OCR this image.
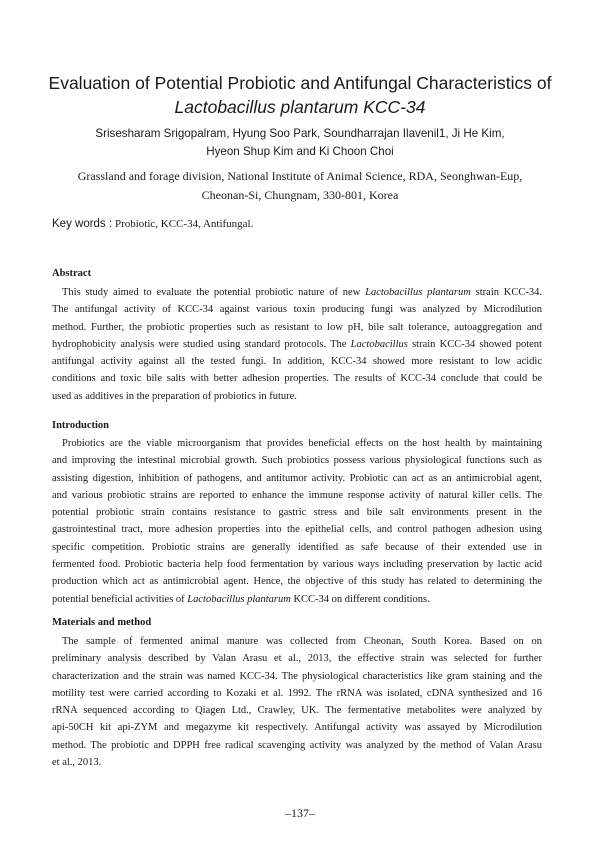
Evaluation of Potential Probiotic and Antifungal Characteristics of
Lactobacillus plantarum KCC-34
Srisesharam Srigopalram, Hyung Soo Park, Soundharrajan Ilavenil1, Ji He Kim,
Hyeon Shup Kim and Ki Choon Choi
Grassland and forage division, National Institute of Animal Science, RDA, Seonghwan-Eup,
Cheonan-Si, Chungnam, 330-801, Korea
Key words : Probiotic, KCC-34, Antifungal.
Abstract
This study aimed to evaluate the potential probiotic nature of new Lactobacillus plantarum strain KCC-34.
The antifungal activity of KCC-34 against various toxin producing fungi was analyzed by Microdilution
method. Further, the probiotic properties such as resistant to low pH, bile salt tolerance, autoaggregation and
hydrophobicity analysis were studied using standard protocols. The Lactobacillus strain KCC-34 showed potent
antifungal activity against all the tested fungi. In addition, KCC-34 showed more resistant to low acidic
conditions and toxic bile salts with better adhesion properties. The results of KCC-34 conclude that could be
used as additives in the preparation of probiotics in future.
Introduction
Probiotics are the viable microorganism that provides beneficial effects on the host health by maintaining
and improving the intestinal microbial growth. Such probiotics possess various physiological functions such as
assisting digestion, inhibition of pathogens, and antitumor activity. Probiotic can act as an antimicrobial agent,
and various probiotic strains are reported to enhance the immune response activity of natural killer cells. The
potential probiotic strain contains resistance to gastric stress and bile salt environments present in the
gastrointestinal tract, more adhesion properties into the epithelial cells, and control pathogen adhesion using
specific competition. Probiotic strains are generally identified as safe because of their extended use in
fermented food. Probiotic bacteria help food fermentation by various ways including preservation by lactic acid
production which act as antimicrobial agent. Hence, the objective of this study has related to determining the
potential beneficial activities of Lactobacillus plantarum KCC-34 on different conditions.
Materials and method
The sample of fermented animal manure was collected from Cheonan, South Korea. Based on on
preliminary analysis described by Valan Arasu et al., 2013, the effective strain was selected for further
characterization and the strain was named KCC-34. The physiological characteristics like gram staining and the
motility test were carried according to Kozaki et al. 1992. The rRNA was isolated, cDNA synthesized and 16
rRNA sequenced according to Qiagen Ltd., Crawley, UK. The fermentative metabolites were analyzed by
api-50CH kit api-ZYM and megazyme kit respectively. Antifungal activity was assayed by Microdilution
method. The probiotic and DPPH free radical scavenging activity was analyzed by the method of Valan Arasu
et al., 2013.
–137–
